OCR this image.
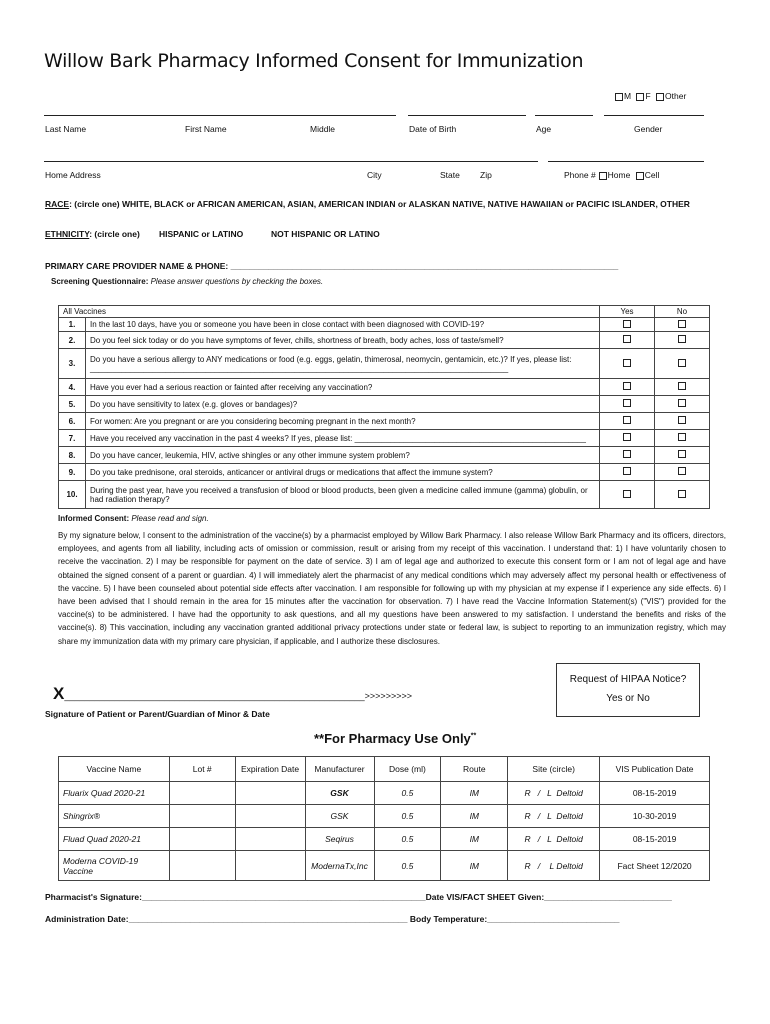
Willow Bark Pharmacy Informed Consent for Immunization
M F Other
Last Name	First Name	Middle	Date of Birth	Age	Gender
Home Address	City	State Zip	Phone # Home Cell
RACE: (circle one) WHITE, BLACK or AFRICAN AMERICAN, ASIAN, AMERICAN INDIAN or ALASKAN NATIVE, NATIVE HAWAIIAN or PACIFIC ISLANDER, OTHER
ETHNICITY: (circle one) HISPANIC or LATINO	NOT HISPANIC OR LATINO
PRIMARY CARE PROVIDER NAME & PHONE: __________________________________________________________________________________
Screening Questionnaire: Please answer questions by checking the boxes.
All Vaccines		Yes	No
1.	In the last 10 days, have you or someone you have been in close contact with been diagnosed with COVID-19?		
2.	Do you feel sick today or do you have symptoms of fever, chills, shortness of breath, body aches, loss of taste/smell?		
3.	Do you have a serious allergy to ANY medications or food (e.g. eggs, gelatin, thimerosal, neomycin, gentamicin, etc.)? If yes, please list: ______________________________________________________________________________________________		
4.	Have you ever had a serious reaction or fainted after receiving any vaccination?		
5.	Do you have sensitivity to latex (e.g. gloves or bandages)?		
6.	For women: Are you pregnant or are you considering becoming pregnant in the next month?		
7.	Have you received any vaccination in the past 4 weeks? If yes, please list: ____________________________________________________		
8.	Do you have cancer, leukemia, HIV, active shingles or any other immune system problem?		
9.	Do you take prednisone, oral steroids, anticancer or antiviral drugs or medications that affect the immune system?		
10.	During the past year, have you received a transfusion of blood or blood products, been given a medicine called immune (gamma) globulin, or had radiation therapy?		
Informed Consent: Please read and sign.
By my signature below, I consent to the administration of the vaccine(s) by a pharmacist employed by Willow Bark Pharmacy. I also release Willow Bark Pharmacy and its officers, directors, employees, and agents from all liability, including acts of omission or commission, result or arising from my receipt of this vaccination. I understand that: 1) I have voluntarily chosen to receive the vaccination. 2) I may be responsible for payment on the date of service. 3) I am of legal age and authorized to execute this consent form or I am not of legal age and have obtained the signed consent of a parent or guardian. 4) I will immediately alert the pharmacist of any medical conditions which may adversely affect my personal health or effectiveness of the vaccine. 5) I have been counseled about potential side effects after vaccination. I am responsible for following up with my physician at my expense if I experience any side effects. 6) I have been advised that I should remain in the area for 15 minutes after the vaccination for observation. 7) I have read the Vaccine Information Statement(s) ("VIS") provided for the vaccine(s) to be administered. I have had the opportunity to ask questions, and all my questions have been answered to my satisfaction. I understand the benefits and risks of the vaccine(s). 8) This vaccination, including any vaccination granted additional privacy protections under state or federal law, is subject to reporting to an immunization registry, which may share my immunization data with my primary care physician, if applicable, and I authorize these disclosures.
Request of HIPAA Notice?
Yes or No
X____________________________________________________________>>>>>>>>>
Signature of Patient or Parent/Guardian of Minor & Date
**For Pharmacy Use Only**
Vaccine Name	Lot #	Expiration Date	Manufacturer	Dose (ml)	Route	Site (circle)	VIS Publication Date
Fluarix Quad 2020-21			GSK	0.5	IM	R   /   L  Deltoid	08-15-2019
Shingrix®			GSK	0.5	IM	R   /   L  Deltoid	10-30-2019
Fluad Quad 2020-21			Seqirus	0.5	IM	R   /   L  Deltoid	08-15-2019
Moderna COVID-19 Vaccine			ModernaTx,Inc	0.5	IM	R   /    L Deltoid	Fact Sheet 12/2020
Pharmacist's Signature:____________________________________________________________Date VIS/FACT SHEET Given:___________________________
Administration Date:___________________________________________________________ Body Temperature:____________________________
